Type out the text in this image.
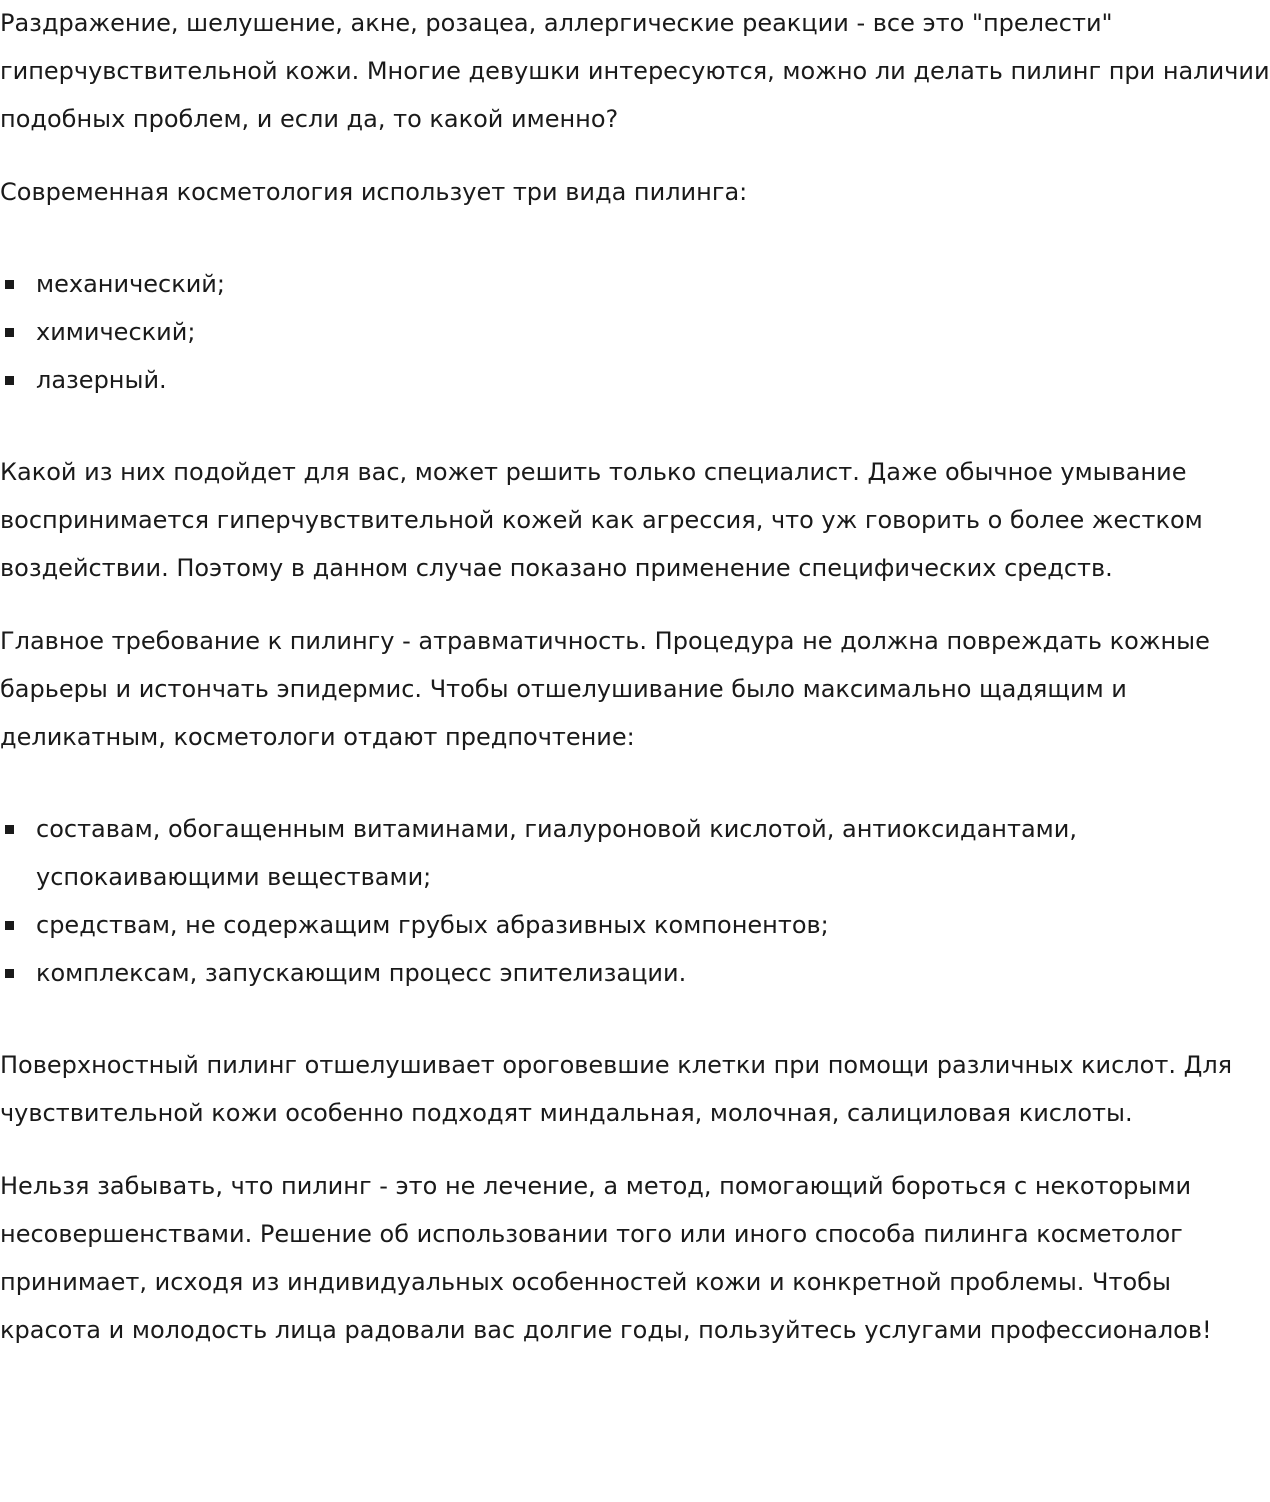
Раздражение, шелушение, акне, розацеа, аллергические реакции - все это "прелести" гиперчувствительной кожи. Многие девушки интересуются, можно ли делать пилинг при наличии подобных проблем, и если да, то какой именно?

Современная косметология использует три вида пилинга:

механический;
химический;
лазерный.

Какой из них подойдет для вас, может решить только специалист. Даже обычное умывание воспринимается гиперчувствительной кожей как агрессия, что уж говорить о более жестком воздействии. Поэтому в данном случае показано применение специфических средств.

Главное требование к пилингу - атравматичность. Процедура не должна повреждать кожные барьеры и истончать эпидермис. Чтобы отшелушивание было максимально щадящим и деликатным, косметологи отдают предпочтение:

составам, обогащенным витаминами, гиалуроновой кислотой, антиоксидантами, успокаивающими веществами;
средствам, не содержащим грубых абразивных компонентов;
комплексам, запускающим процесс эпителизации.

Поверхностный пилинг отшелушивает ороговевшие клетки при помощи различных кислот. Для чувствительной кожи особенно подходят миндальная, молочная, салициловая кислоты.

Нельзя забывать, что пилинг - это не лечение, а метод, помогающий бороться с некоторыми несовершенствами. Решение об использовании того или иного способа пилинга косметолог принимает, исходя из индивидуальных особенностей кожи и конкретной проблемы. Чтобы красота и молодость лица радовали вас долгие годы, пользуйтесь услугами профессионалов!
